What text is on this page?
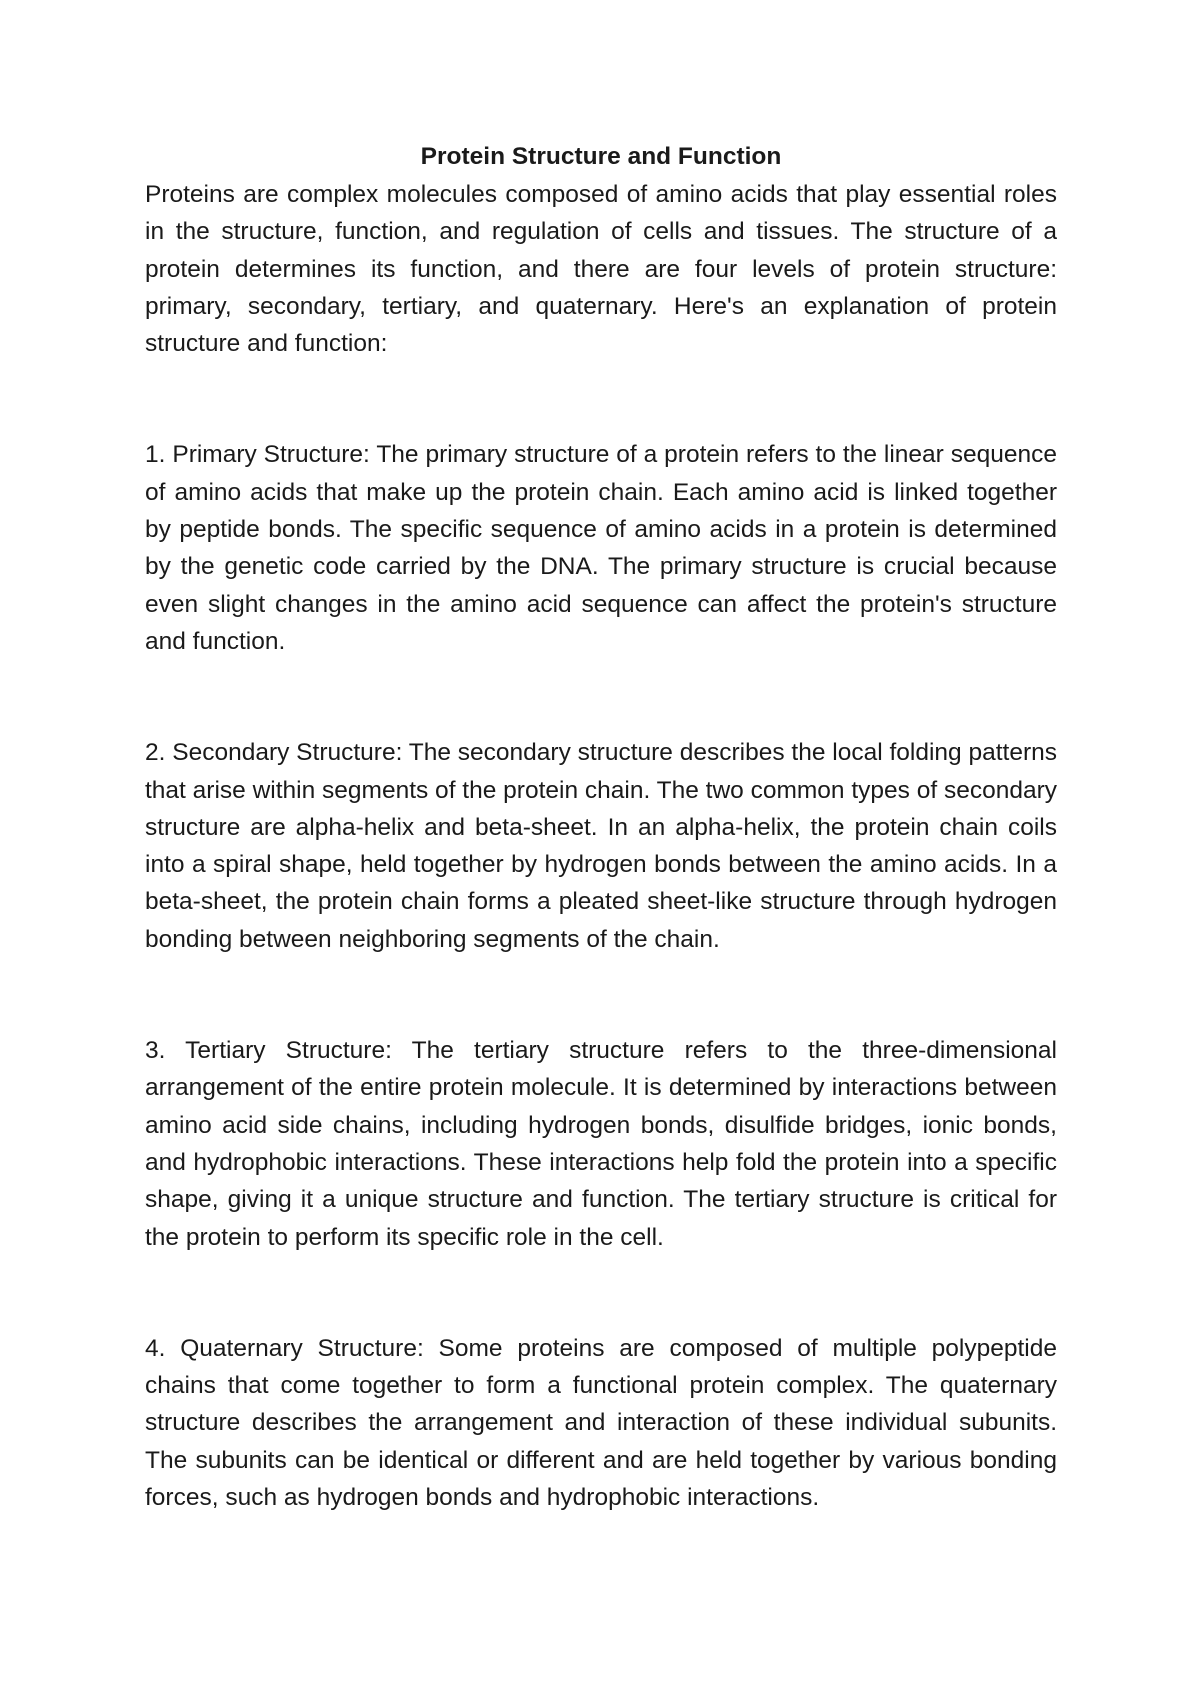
Protein Structure and Function

Proteins are complex molecules composed of amino acids that play essential roles in the structure, function, and regulation of cells and tissues. The structure of a protein determines its function, and there are four levels of protein structure: primary, secondary, tertiary, and quaternary. Here's an explanation of protein structure and function:

1. Primary Structure: The primary structure of a protein refers to the linear sequence of amino acids that make up the protein chain. Each amino acid is linked together by peptide bonds. The specific sequence of amino acids in a protein is determined by the genetic code carried by the DNA. The primary structure is crucial because even slight changes in the amino acid sequence can affect the protein's structure and function.

2. Secondary Structure: The secondary structure describes the local folding patterns that arise within segments of the protein chain. The two common types of secondary structure are alpha-helix and beta-sheet. In an alpha-helix, the protein chain coils into a spiral shape, held together by hydrogen bonds between the amino acids. In a beta-sheet, the protein chain forms a pleated sheet-like structure through hydrogen bonding between neighboring segments of the chain.

3. Tertiary Structure: The tertiary structure refers to the three-dimensional arrangement of the entire protein molecule. It is determined by interactions between amino acid side chains, including hydrogen bonds, disulfide bridges, ionic bonds, and hydrophobic interactions. These interactions help fold the protein into a specific shape, giving it a unique structure and function. The tertiary structure is critical for the protein to perform its specific role in the cell.

4. Quaternary Structure: Some proteins are composed of multiple polypeptide chains that come together to form a functional protein complex. The quaternary structure describes the arrangement and interaction of these individual subunits. The subunits can be identical or different and are held together by various bonding forces, such as hydrogen bonds and hydrophobic interactions.
